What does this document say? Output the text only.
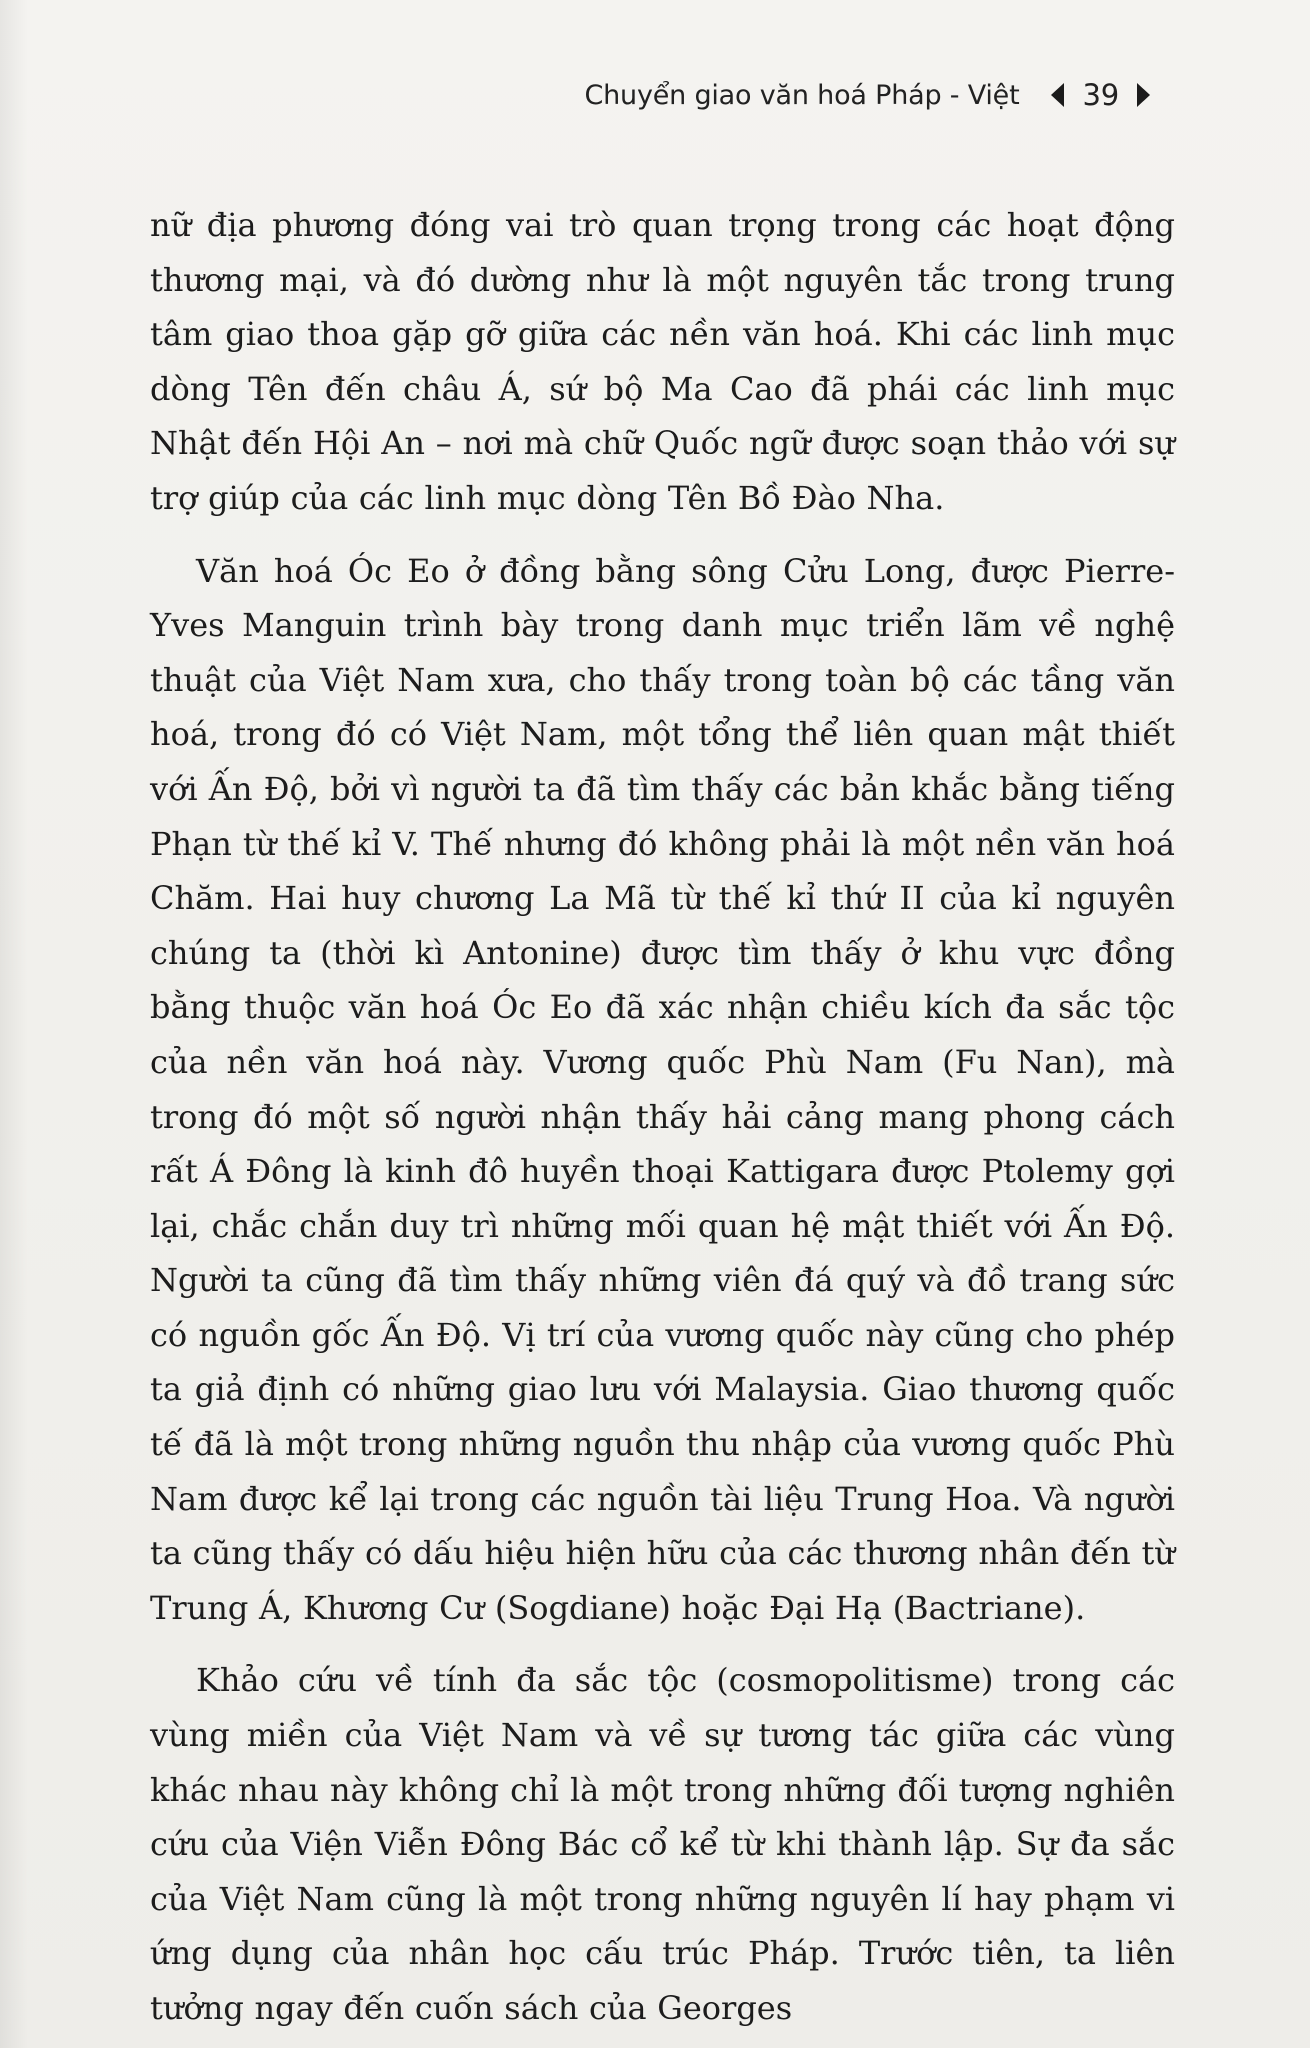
Chuyển giao văn hoá Pháp - Việt 39

nữ địa phương đóng vai trò quan trọng trong các hoạt động thương mại, và đó dường như là một nguyên tắc trong trung tâm giao thoa gặp gỡ giữa các nền văn hoá. Khi các linh mục dòng Tên đến châu Á, sứ bộ Ma Cao đã phái các linh mục Nhật đến Hội An – nơi mà chữ Quốc ngữ được soạn thảo với sự trợ giúp của các linh mục dòng Tên Bồ Đào Nha.

Văn hoá Óc Eo ở đồng bằng sông Cửu Long, được Pierre-Yves Manguin trình bày trong danh mục triển lãm về nghệ thuật của Việt Nam xưa, cho thấy trong toàn bộ các tầng văn hoá, trong đó có Việt Nam, một tổng thể liên quan mật thiết với Ấn Độ, bởi vì người ta đã tìm thấy các bản khắc bằng tiếng Phạn từ thế kỉ V. Thế nhưng đó không phải là một nền văn hoá Chăm. Hai huy chương La Mã từ thế kỉ thứ II của kỉ nguyên chúng ta (thời kì Antonine) được tìm thấy ở khu vực đồng bằng thuộc văn hoá Óc Eo đã xác nhận chiều kích đa sắc tộc của nền văn hoá này. Vương quốc Phù Nam (Fu Nan), mà trong đó một số người nhận thấy hải cảng mang phong cách rất Á Đông là kinh đô huyền thoại Kattigara được Ptolemy gợi lại, chắc chắn duy trì những mối quan hệ mật thiết với Ấn Độ. Người ta cũng đã tìm thấy những viên đá quý và đồ trang sức có nguồn gốc Ấn Độ. Vị trí của vương quốc này cũng cho phép ta giả định có những giao lưu với Malaysia. Giao thương quốc tế đã là một trong những nguồn thu nhập của vương quốc Phù Nam được kể lại trong các nguồn tài liệu Trung Hoa. Và người ta cũng thấy có dấu hiệu hiện hữu của các thương nhân đến từ Trung Á, Khương Cư (Sogdiane) hoặc Đại Hạ (Bactriane).

Khảo cứu về tính đa sắc tộc (cosmopolitisme) trong các vùng miền của Việt Nam và về sự tương tác giữa các vùng khác nhau này không chỉ là một trong những đối tượng nghiên cứu của Viện Viễn Đông Bác cổ kể từ khi thành lập. Sự đa sắc của Việt Nam cũng là một trong những nguyên lí hay phạm vi ứng dụng của nhân học cấu trúc Pháp. Trước tiên, ta liên tưởng ngay đến cuốn sách của Georges
